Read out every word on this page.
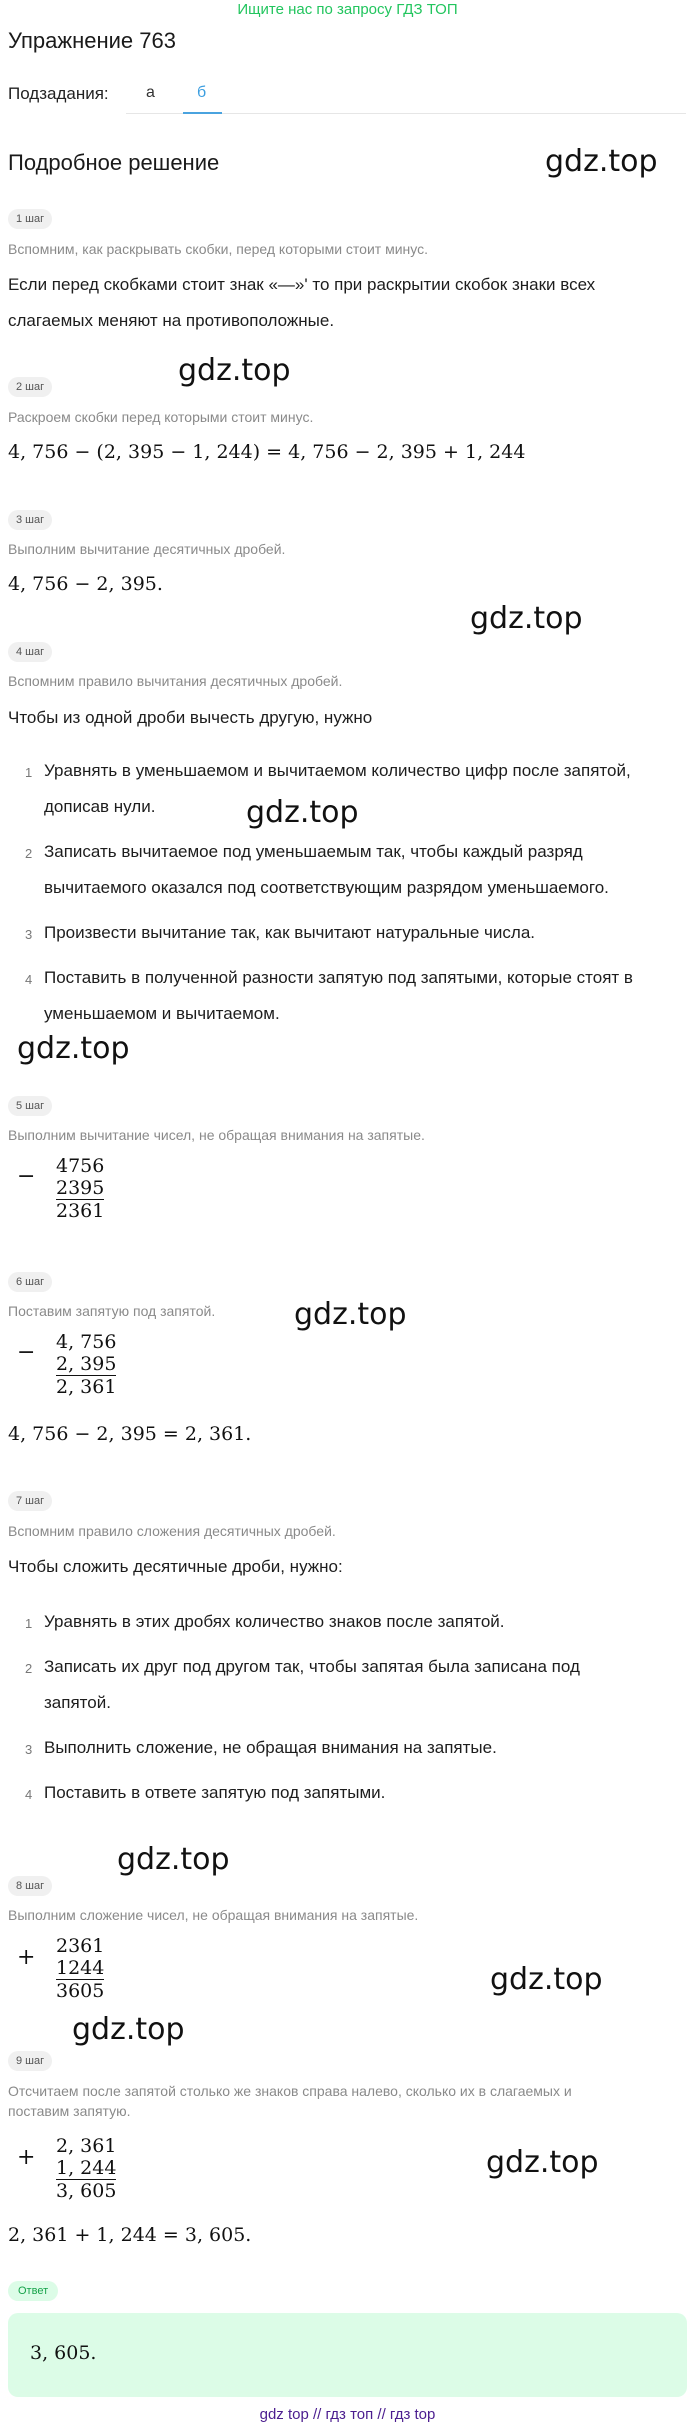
Ищите нас по запросу ГДЗ ТОП
Упражнение 763
Подзадания: а	б
Подробное решение	gdz.top
gdz.top
gdz.top
gdz.top
gdz.top
gdz.top
gdz.top
gdz.top
gdz.top
gdz.top
1 шаг
Вспомним, как раскрывать скобки, перед которыми стоит минус.
Если перед скобками стоит знак «—»' то при раскрытии скобок знаки всех
слагаемых меняют на противоположные.
2 шаг
Раскроем скобки перед которыми стоит минус.
4, 756 − (2, 395 − 1, 244) = 4, 756 − 2, 395 + 1, 244
3 шаг
Выполним вычитание десятичных дробей.
4, 756 − 2, 395.
4 шаг
Вспомним правило вычитания десятичных дробей.
Чтобы из одной дроби вычесть другую, нужно
1 Уравнять в уменьшаемом и вычитаемом количество цифр после запятой,
дописав нули.
2 Записать вычитаемое под уменьшаемым так, чтобы каждый разряд
вычитаемого оказался под соответствующим разрядом уменьшаемого.
3 Произвести вычитание так, как вычитают натуральные числа.
4 Поставить в полученной разности запятую под запятыми, которые стоят в
уменьшаемом и вычитаемом.
5 шаг
Выполним вычитание чисел, не обращая внимания на запятые.
− 4756
2395
2361
6 шаг
Поставим запятую под запятой.
− 4, 756
2, 395
2, 361
4, 756 − 2, 395 = 2, 361.
7 шаг
Вспомним правило сложения десятичных дробей.
Чтобы сложить десятичные дроби, нужно:
1 Уравнять в этих дробях количество знаков после запятой.
2 Записать их друг под другом так, чтобы запятая была записана под
запятой.
3 Выполнить сложение, не обращая внимания на запятые.
4 Поставить в ответе запятую под запятыми.
8 шаг
Выполним сложение чисел, не обращая внимания на запятые.
+ 2361
1244
3605
9 шаг
Отсчитаем после запятой столько же знаков справа налево, сколько их в слагаемых и
поставим запятую.
+ 2, 361
1, 244
3, 605
2, 361 + 1, 244 = 3, 605.
Ответ
3, 605.
gdz top // гдз топ // гдз top
